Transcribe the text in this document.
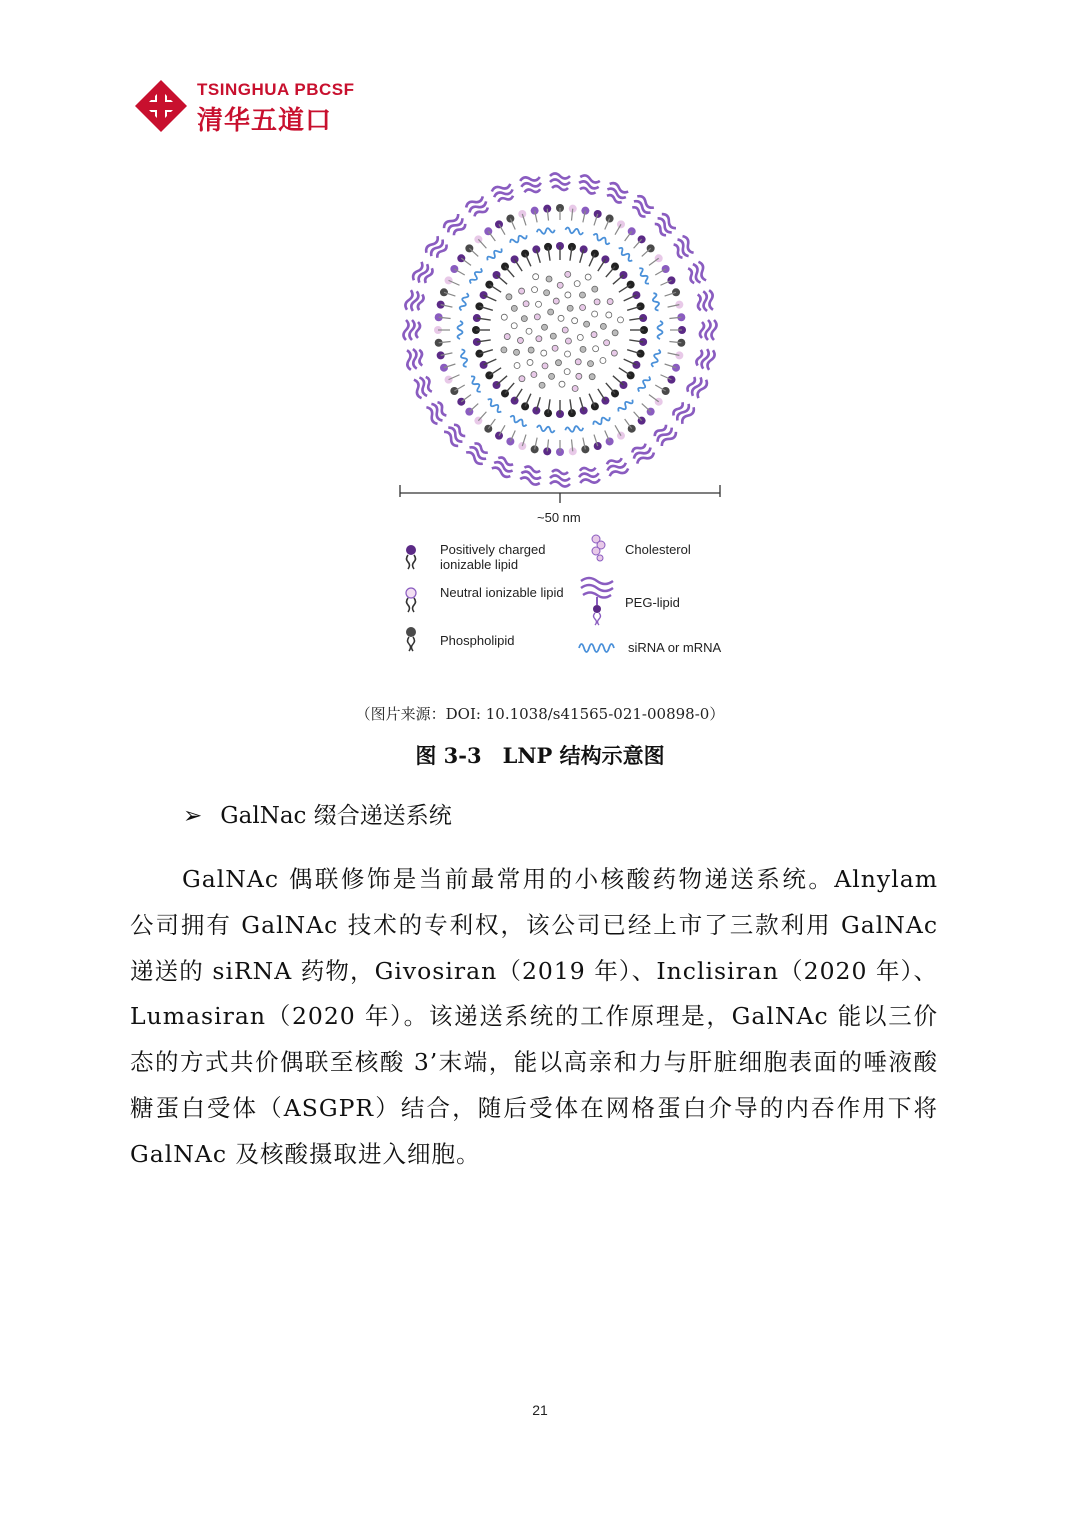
TSINGHUA PBCSF
清华五道口
~50 nm
Positively charged ionizable lipid
Neutral ionizable lipid
Phospholipid
Cholesterol
PEG-lipid
siRNA or mRNA
（图片来源：DOI: 10.1038/s41565-021-00898-0）
图 3-3　LNP 结构示意图
➢ GalNac 缀合递送系统
GalNAc 偶联修饰是当前最常用的小核酸药物递送系统。Alnylam 公司拥有 GalNAc 技术的专利权，该公司已经上市了三款利用 GalNAc 递送的 siRNA 药物，Givosiran（2019 年）、Inclisiran（2020 年）、 Lumasiran（2020 年）。该递送系统的工作原理是，GalNAc 能以三价态的方式共价偶联至核酸 3’末端，能以高亲和力与肝脏细胞表面的唾液酸糖蛋白受体（ASGPR）结合，随后受体在网格蛋白介导的内吞作用下将 GalNAc 及核酸摄取进入细胞。
21
